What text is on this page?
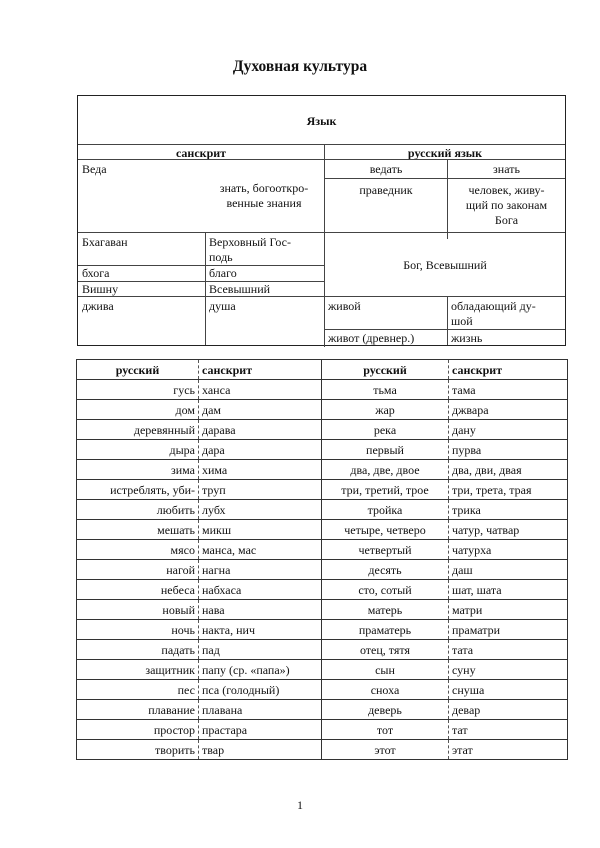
Духовная культура
Язык
санскрит	русский язык
Веда
знать, богооткро-
венные знания
ведать	знать
праведник	человек, живу-
щий по законам
Бога
Бхагаван	Верховный Гос-
подь
бхога	благо
Вишну	Всевышний
Бог, Всевышний
джива	душа	живой	обладающий ду-
шой
живот (древнер.)	жизнь
русский	санскрит	русский	санскрит
гусь	ханса	тьма	тама
дом	дам	жар	джвара
деревянный	дарава	река	дану
дыра	дара	первый	пурва
зима	хима	два, две, двое	два, дви, двая
истреблять, уби-	труп	три, третий, трое	три, трета, трая
любить	лубх	тройка	трика
мешать	микш	четыре, четверо	чатур, чатвар
мясо	манса, мас	четвертый	чатурха
нагой	нагна	десять	даш
небеса	набхаса	сто, сотый	шат, шата
новый	нава	матерь	матри
ночь	накта, нич	праматерь	праматри
падать	пад	отец, тятя	тата
защитник	папу (ср. «папа»)	сын	суну
пес	пса (голодный)	сноха	снуша
плавание	плавана	деверь	девар
простор	прастара	тот	тат
творить	твар	этот	этат
1
